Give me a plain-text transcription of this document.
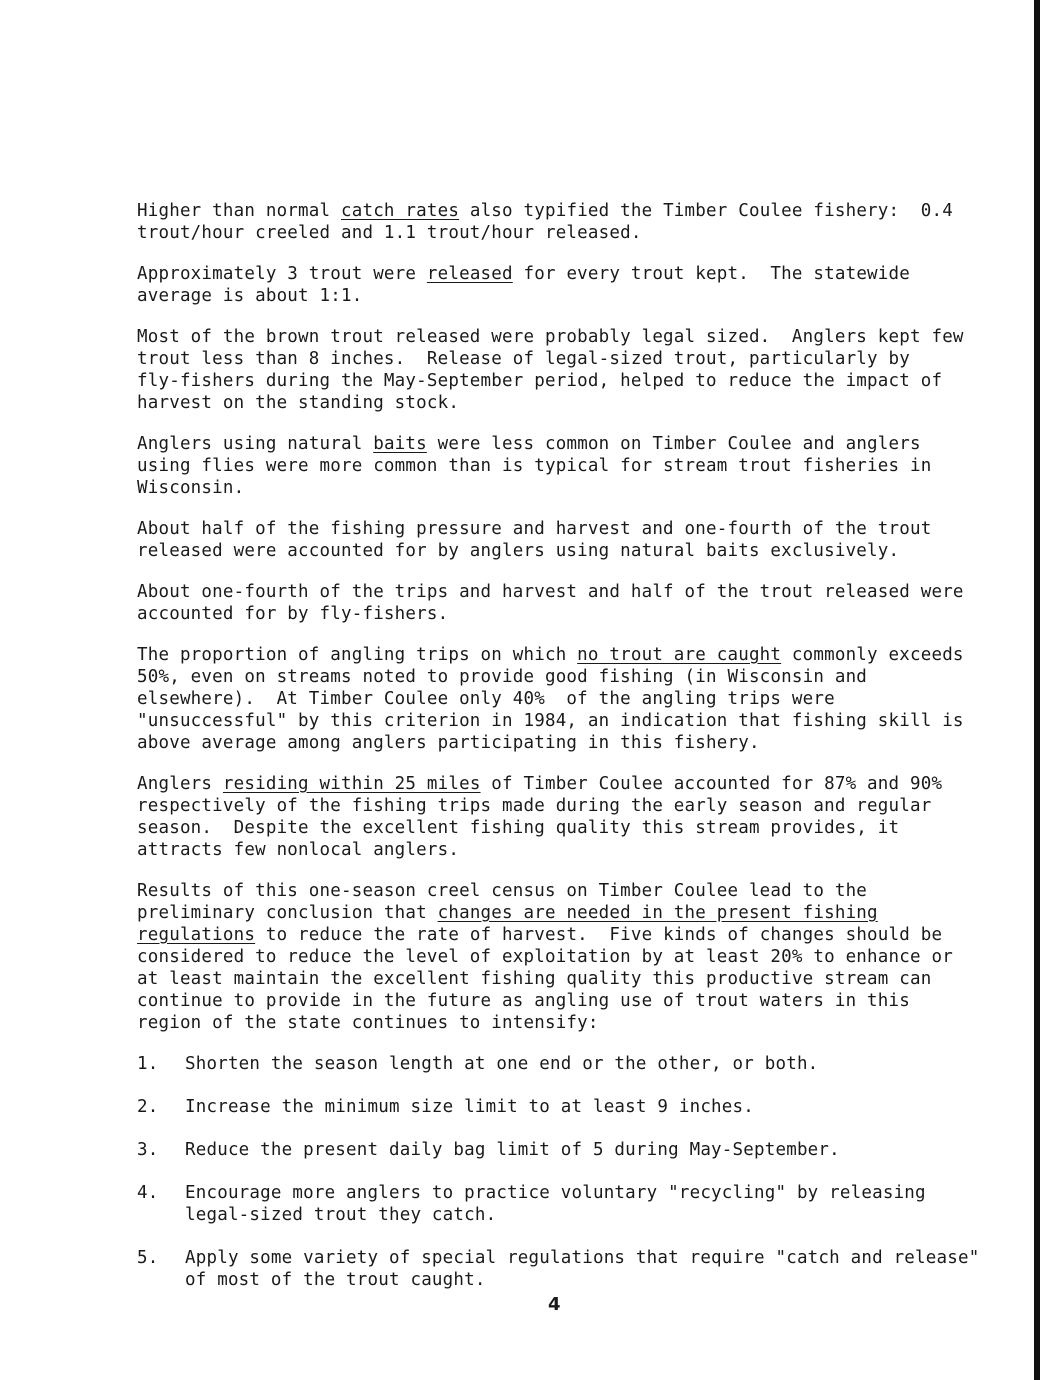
Higher than normal catch rates also typified the Timber Coulee fishery:  0.4
trout/hour creeled and 1.1 trout/hour released.

Approximately 3 trout were released for every trout kept.  The statewide
average is about 1:1.

Most of the brown trout released were probably legal sized.  Anglers kept few
trout less than 8 inches.  Release of legal-sized trout, particularly by
fly-fishers during the May-September period, helped to reduce the impact of
harvest on the standing stock.

Anglers using natural baits were less common on Timber Coulee and anglers
using flies were more common than is typical for stream trout fisheries in
Wisconsin.

About half of the fishing pressure and harvest and one-fourth of the trout
released were accounted for by anglers using natural baits exclusively.

About one-fourth of the trips and harvest and half of the trout released were
accounted for by fly-fishers.

The proportion of angling trips on which no trout are caught commonly exceeds
50%, even on streams noted to provide good fishing (in Wisconsin and
elsewhere).  At Timber Coulee only 40%  of the angling trips were
"unsuccessful" by this criterion in 1984, an indication that fishing skill is
above average among anglers participating in this fishery.

Anglers residing within 25 miles of Timber Coulee accounted for 87% and 90%
respectively of the fishing trips made during the early season and regular
season.  Despite the excellent fishing quality this stream provides, it
attracts few nonlocal anglers.

Results of this one-season creel census on Timber Coulee lead to the
preliminary conclusion that changes are needed in the present fishing
regulations to reduce the rate of harvest.  Five kinds of changes should be
considered to reduce the level of exploitation by at least 20% to enhance or
at least maintain the excellent fishing quality this productive stream can
continue to provide in the future as angling use of trout waters in this
region of the state continues to intensify:

1. Shorten the season length at one end or the other, or both.
2. Increase the minimum size limit to at least 9 inches.
3. Reduce the present daily bag limit of 5 during May-September.
4. Encourage more anglers to practice voluntary "recycling" by releasing
legal-sized trout they catch.
5. Apply some variety of special regulations that require "catch and release"
of most of the trout caught.
4
